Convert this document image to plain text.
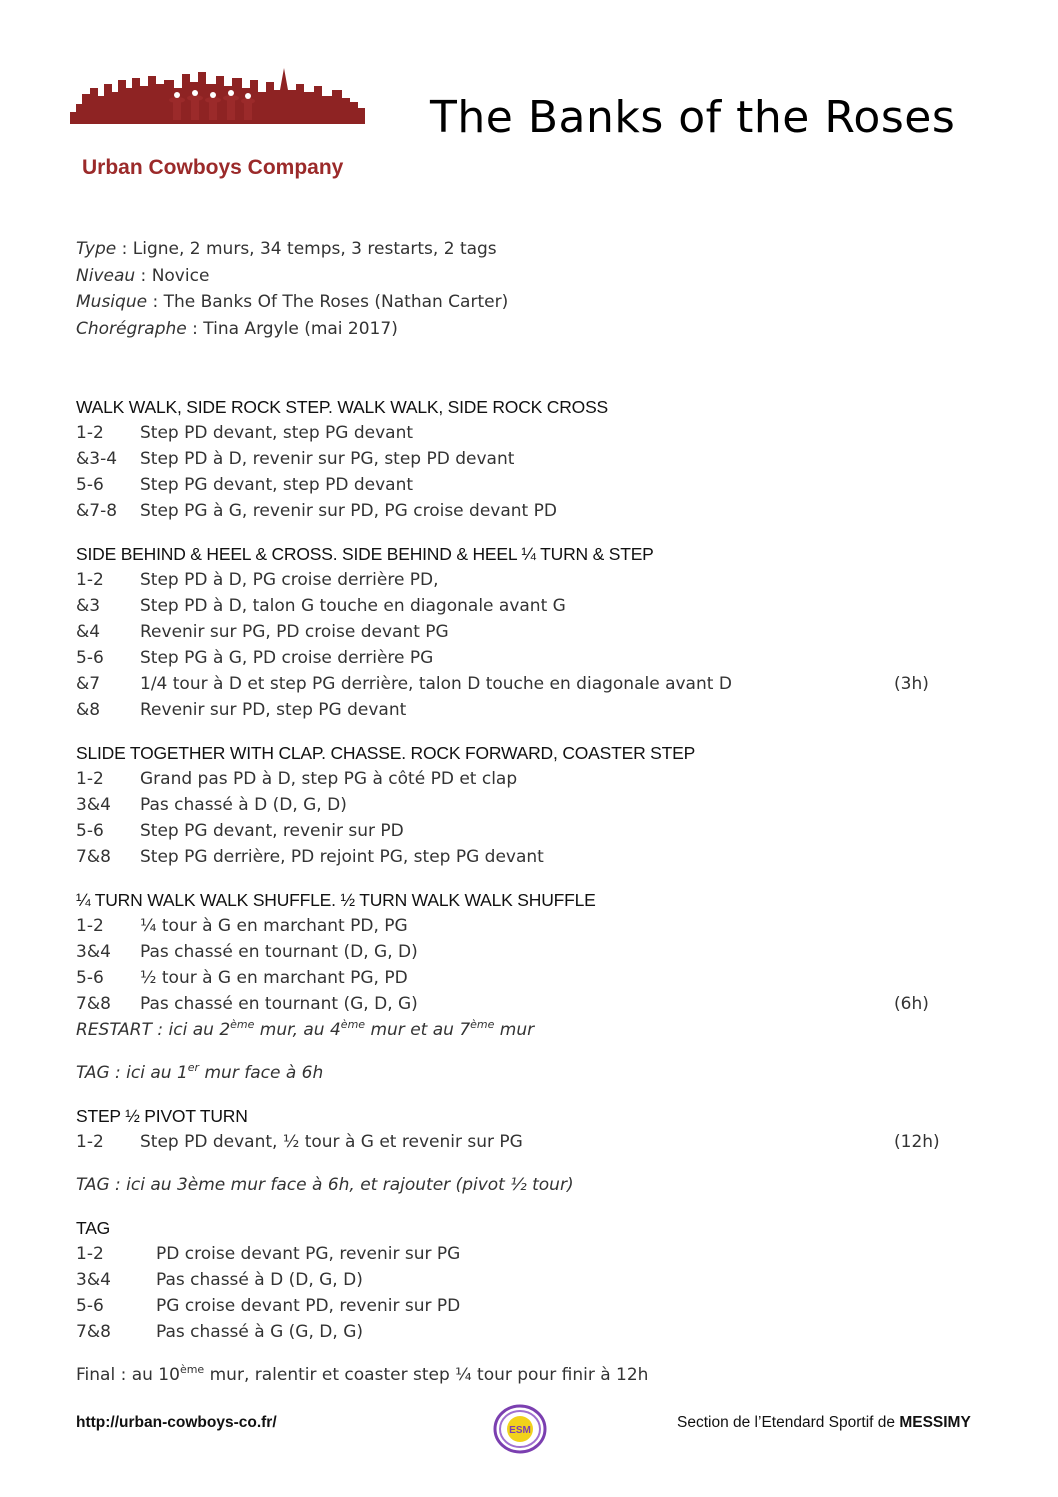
Urban Cowboys Company
The Banks of the Roses
Type : Ligne, 2 murs, 34 temps, 3 restarts, 2 tags
Niveau : Novice
Musique : The Banks Of The Roses (Nathan Carter)
Chorégraphe : Tina Argyle (mai 2017)
WALK WALK, SIDE ROCK STEP. WALK WALK, SIDE ROCK CROSS
1-2 Step PD devant, step PG devant
&3-4 Step PD à D, revenir sur PG, step PD devant
5-6 Step PG devant, step PD devant
&7-8 Step PG à G, revenir sur PD, PG croise devant PD
SIDE BEHIND & HEEL & CROSS. SIDE BEHIND & HEEL ¼ TURN & STEP
1-2 Step PD à D, PG croise derrière PD,
&3 Step PD à D, talon G touche en diagonale avant G
&4 Revenir sur PG, PD croise devant PG
5-6 Step PG à G, PD croise derrière PG
&7 1/4 tour à D et step PG derrière, talon D touche en diagonale avant D	(3h)
&8 Revenir sur PD, step PG devant
SLIDE TOGETHER WITH CLAP. CHASSE. ROCK FORWARD, COASTER STEP
1-2 Grand pas PD à D, step PG à côté PD et clap
3&4 Pas chassé à D (D, G, D)
5-6 Step PG devant, revenir sur PD
7&8 Step PG derrière, PD rejoint PG, step PG devant
¼ TURN WALK WALK SHUFFLE. ½ TURN WALK WALK SHUFFLE
1-2 ¼ tour à G en marchant PD, PG
3&4 Pas chassé en tournant (D, G, D)
5-6 ½ tour à G en marchant PG, PD
7&8 Pas chassé en tournant (G, D, G)	(6h)
RESTART : ici au 2ème mur, au 4ème mur et au 7ème mur
TAG : ici au 1er mur face à 6h
STEP ½ PIVOT TURN
1-2 Step PD devant, ½ tour à G et revenir sur PG	(12h)
TAG : ici au 3ème mur face à 6h, et rajouter (pivot ½ tour)
TAG
1-2	PD croise devant PG, revenir sur PG
3&4	Pas chassé à D (D, G, D)
5-6	PG croise devant PD, revenir sur PD
7&8	Pas chassé à G (G, D, G)
Final : au 10ème mur, ralentir et coaster step ¼ tour pour finir à 12h
http://urban-cowboys-co.fr/	ESM	Section de l’Etendard Sportif de MESSIMY
